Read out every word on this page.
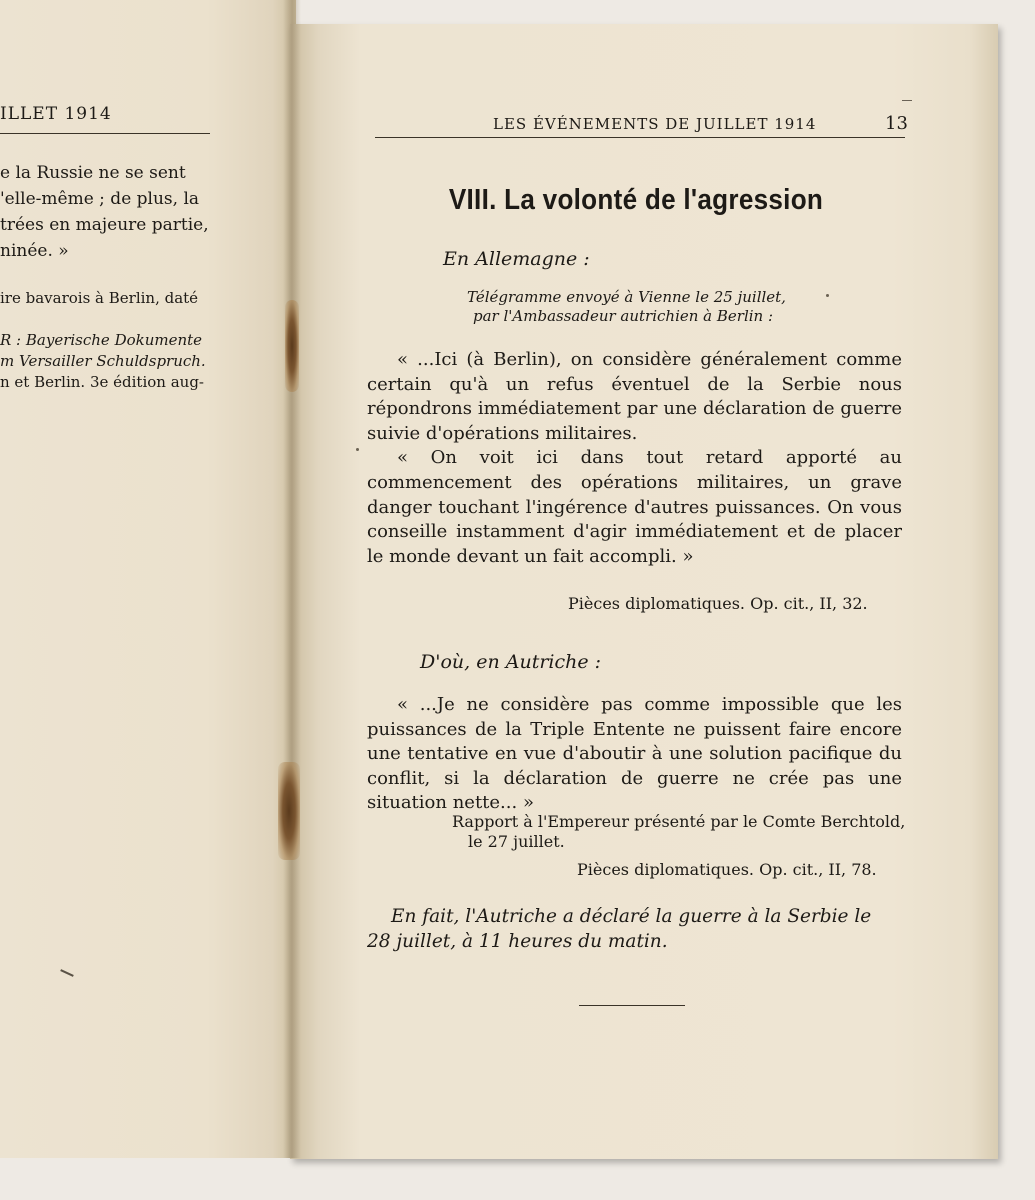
ILLET 1914

e la Russie ne se sent

'elle-même ; de plus, la

trées en majeure partie,

ninée. »

ire bavarois à Berlin, daté

R : Bayerische Dokumente

m Versailler Schuldspruch.

n et Berlin. 3e édition aug-

LES ÉVÉNEMENTS DE JUILLET 1914	13
VIII. La volonté de l'agression
En Allemagne :
Télégramme envoyé à Vienne le 25 juillet,
par l'Ambassadeur autrichien à Berlin :

« ...Ici (à Berlin), on considère généralement comme certain qu'à un refus éventuel de la Serbie nous répondrons immédiatement par une déclaration de guerre suivie d'opérations militaires.

« On voit ici dans tout retard apporté au commencement des opérations militaires, un grave danger touchant l'ingérence d'autres puissances. On vous conseille instamment d'agir immédiatement et de placer le monde devant un fait accompli. »

Pièces diplomatiques. Op. cit., II, 32.
D'où, en Autriche :

« ...Je ne considère pas comme impossible que les puissances de la Triple Entente ne puissent faire encore une tentative en vue d'aboutir à une solution pacifique du conflit, si la déclaration de guerre ne crée pas une situation nette... »

Rapport à l'Empereur présenté par le Comte Berchtold,
le 27 juillet.
Pièces diplomatiques. Op. cit., II, 78.
En fait, l'Autriche a déclaré la guerre à la Serbie le 28 juillet, à 11 heures du matin.
